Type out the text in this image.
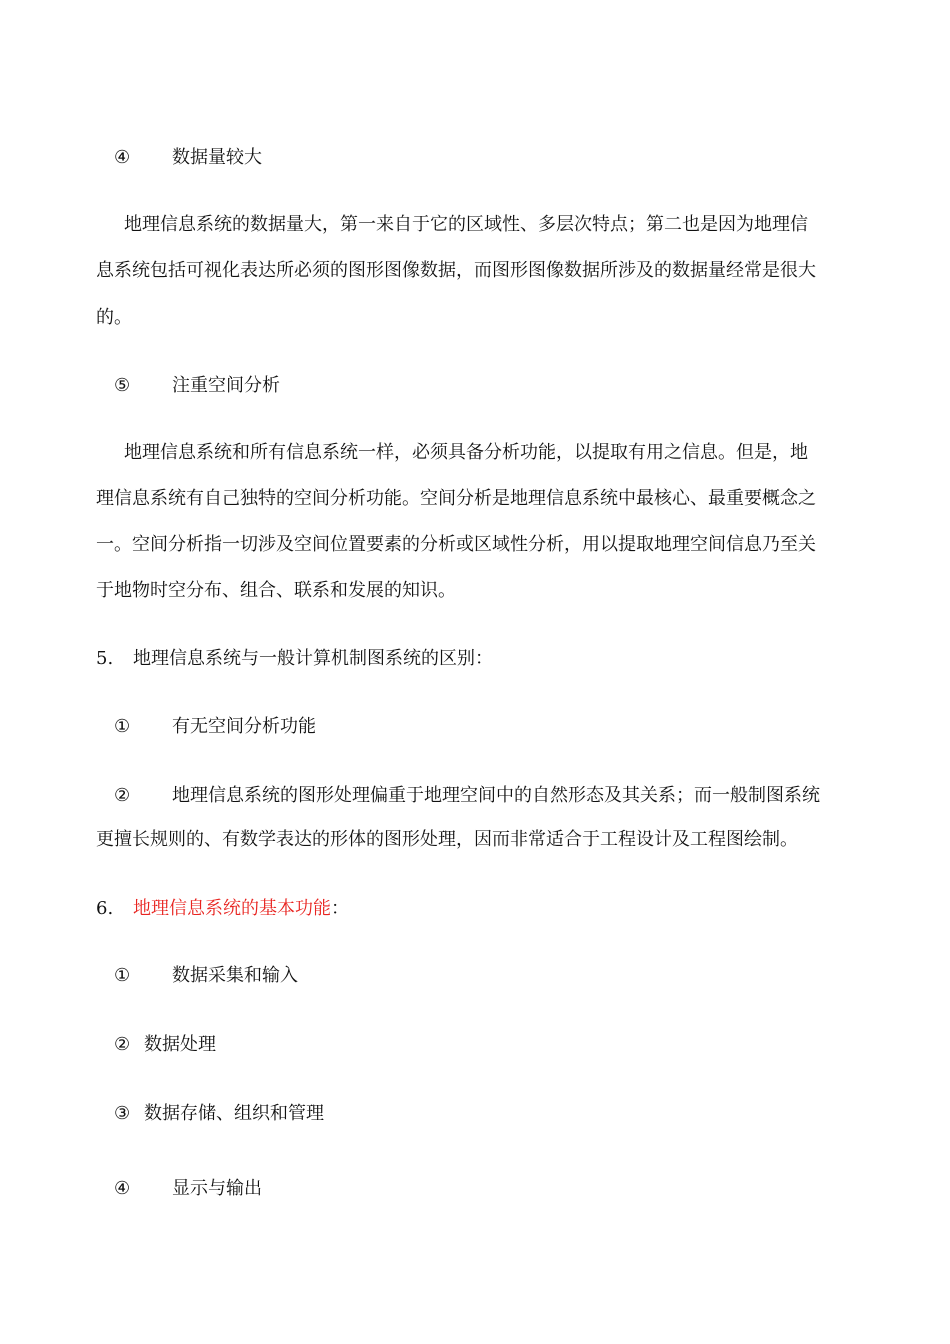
④ 数据量较大
　地理信息系统的数据量大，第一来自于它的区域性、多层次特点；第二也是因为地理信
息系统包括可视化表达所必须的图形图像数据，而图形图像数据所涉及的数据量经常是很大
的。
⑤ 注重空间分析
　地理信息系统和所有信息系统一样，必须具备分析功能，以提取有用之信息。但是，地
理信息系统有自己独特的空间分析功能。空间分析是地理信息系统中最核心、最重要概念之
一。空间分析指一切涉及空间位置要素的分析或区域性分析，用以提取地理空间信息乃至关
于地物时空分布、组合、联系和发展的知识。
5. 地理信息系统与一般计算机制图系统的区别：
① 有无空间分析功能
② 地理信息系统的图形处理偏重于地理空间中的自然形态及其关系；而一般制图系统
更擅长规则的、有数学表达的形体的图形处理，因而非常适合于工程设计及工程图绘制。
6. 地理信息系统的基本功能：
① 数据采集和输入
② 数据处理
③ 数据存储、组织和管理
④ 显示与输出
